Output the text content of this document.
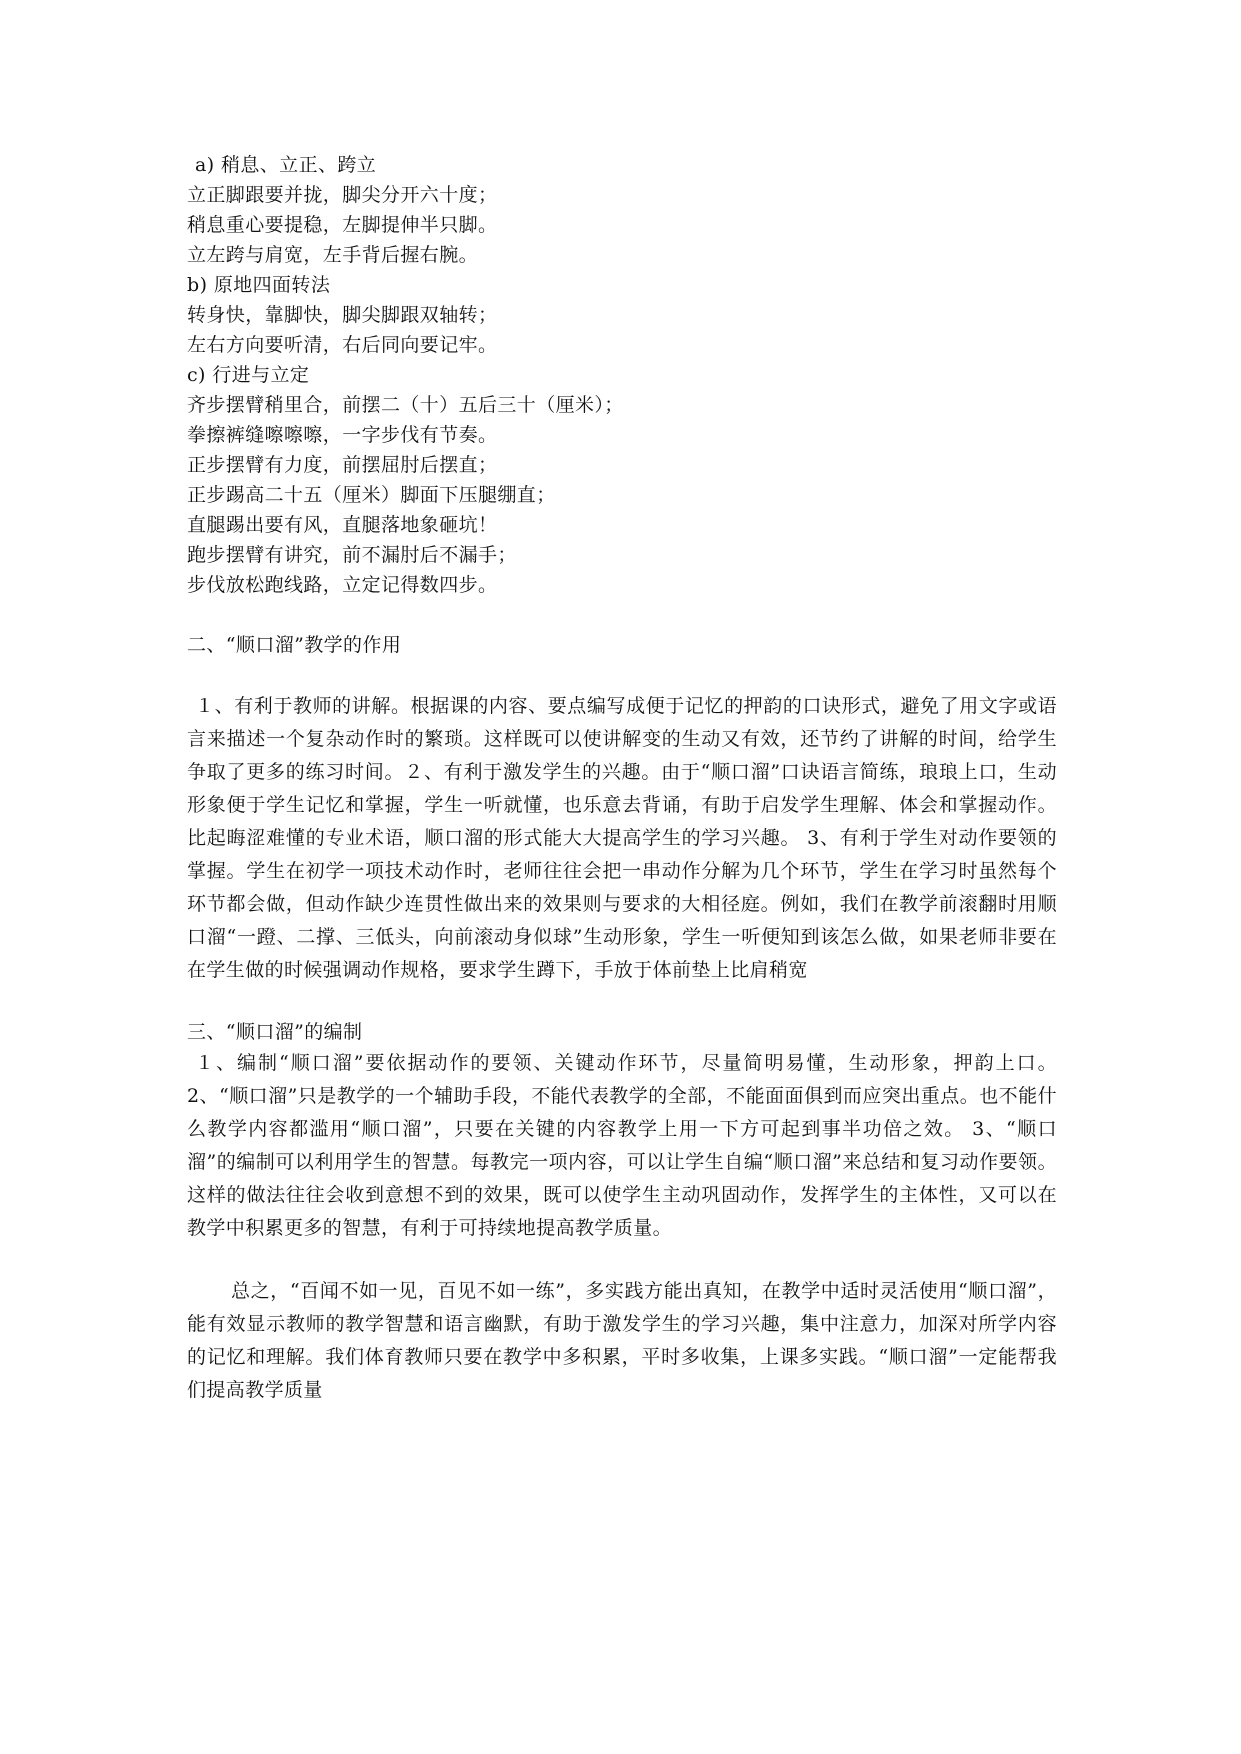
a) 稍息、立正、跨立
立正脚跟要并拢，脚尖分开六十度；
稍息重心要提稳，左脚提伸半只脚。
立左跨与肩宽，左手背后握右腕。
b) 原地四面转法
转身快，靠脚快，脚尖脚跟双轴转；
左右方向要听清，右后同向要记牢。
c) 行进与立定
齐步摆臂稍里合，前摆二（十）五后三十（厘米）；
拳擦裤缝嚓嚓嚓，一字步伐有节奏。
正步摆臂有力度，前摆屈肘后摆直；
正步踢高二十五（厘米）脚面下压腿绷直；
直腿踢出要有风，直腿落地象砸坑！
跑步摆臂有讲究，前不漏肘后不漏手；
步伐放松跑线路，立定记得数四步。
二、“顺口溜”教学的作用

１、有利于教师的讲解。根据课的内容、要点编写成便于记忆的押韵的口诀形式，避免了用文字或语言来描述一个复杂动作时的繁琐。这样既可以使讲解变的生动又有效，还节约了讲解的时间，给学生争取了更多的练习时间。２、有利于激发学生的兴趣。由于“顺口溜”口诀语言简练，琅琅上口，生动形象便于学生记忆和掌握，学生一听就懂，也乐意去背诵，有助于启发学生理解、体会和掌握动作。比起晦涩难懂的专业术语，顺口溜的形式能大大提高学生的学习兴趣。 3、有利于学生对动作要领的掌握。学生在初学一项技术动作时，老师往往会把一串动作分解为几个环节，学生在学习时虽然每个环节都会做，但动作缺少连贯性做出来的效果则与要求的大相径庭。例如，我们在教学前滚翻时用顺口溜“一蹬、二撑、三低头，向前滚动身似球”生动形象，学生一听便知到该怎么做，如果老师非要在在学生做的时候强调动作规格，要求学生蹲下，手放于体前垫上比肩稍宽

三、“顺口溜”的编制

１、编制“顺口溜”要依据动作的要领、关键动作环节，尽量简明易懂，生动形象，押韵上口。 2、“顺口溜”只是教学的一个辅助手段，不能代表教学的全部，不能面面俱到而应突出重点。也不能什么教学内容都滥用“顺口溜”，只要在关键的内容教学上用一下方可起到事半功倍之效。 3、“顺口溜”的编制可以利用学生的智慧。每教完一项内容，可以让学生自编“顺口溜”来总结和复习动作要领。这样的做法往往会收到意想不到的效果，既可以使学生主动巩固动作，发挥学生的主体性，又可以在教学中积累更多的智慧，有利于可持续地提高教学质量。

总之，“百闻不如一见，百见不如一练”，多实践方能出真知，在教学中适时灵活使用“顺口溜”，能有效显示教师的教学智慧和语言幽默，有助于激发学生的学习兴趣，集中注意力，加深对所学内容的记忆和理解。我们体育教师只要在教学中多积累，平时多收集，上课多实践。“顺口溜”一定能帮我们提高教学质量
